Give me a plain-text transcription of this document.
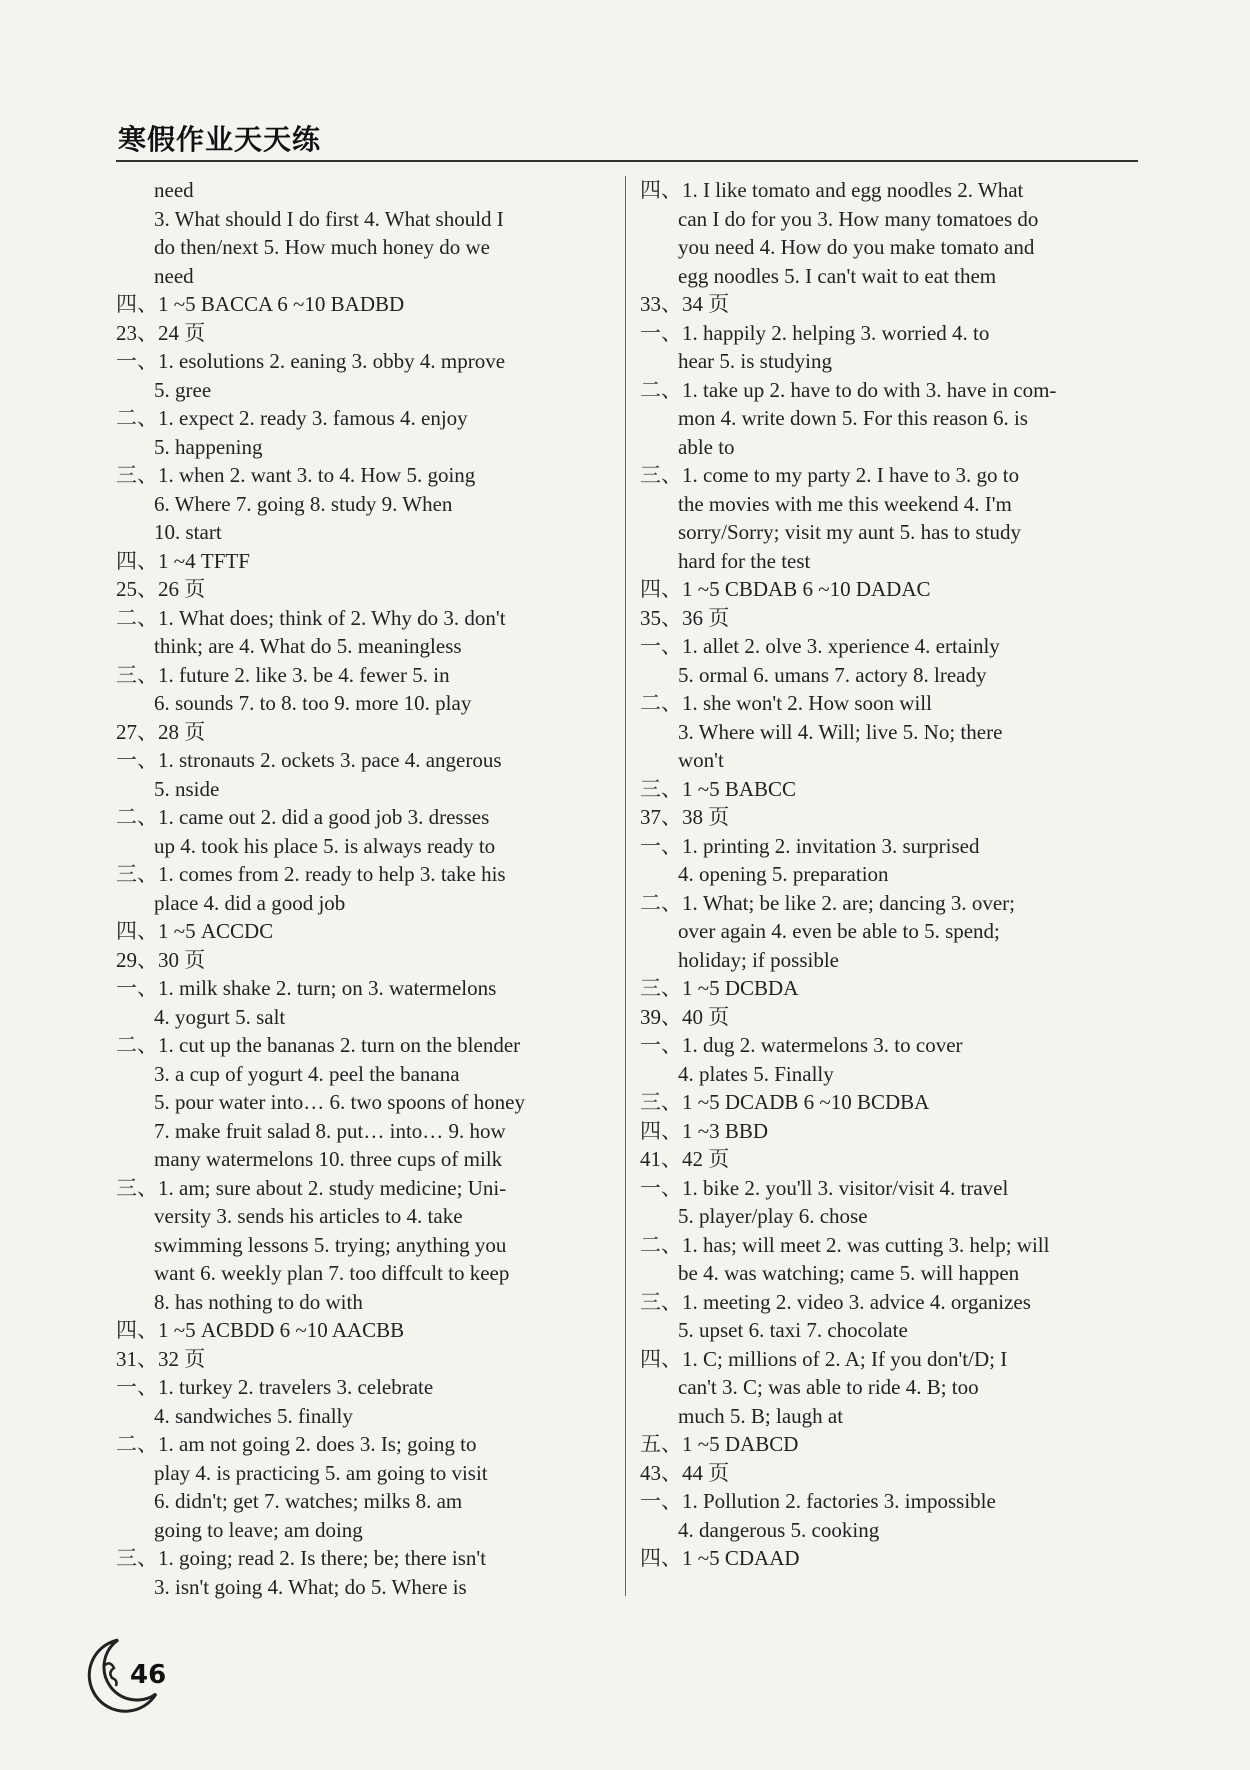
寒假作业天天练
need
3. What should I do first 4. What should I
do then/next 5. How much honey do we
need
四、1 ~5 BACCA 6 ~10 BADBD
23、24 页
一、1. esolutions 2. eaning 3. obby 4. mprove
5. gree
二、1. expect 2. ready 3. famous 4. enjoy
5. happening
三、1. when 2. want 3. to 4. How 5. going
6. Where 7. going 8. study 9. When
10. start
四、1 ~4 TFTF
25、26 页
二、1. What does; think of 2. Why do 3. don't
think; are 4. What do 5. meaningless
三、1. future 2. like 3. be 4. fewer 5. in
6. sounds 7. to 8. too 9. more 10. play
27、28 页
一、1. stronauts 2. ockets 3. pace 4. angerous
5. nside
二、1. came out 2. did a good job 3. dresses
up 4. took his place 5. is always ready to
三、1. comes from 2. ready to help 3. take his
place 4. did a good job
四、1 ~5 ACCDC
29、30 页
一、1. milk shake 2. turn; on 3. watermelons
4. yogurt 5. salt
二、1. cut up the bananas 2. turn on the blender
3. a cup of yogurt 4. peel the banana
5. pour water into… 6. two spoons of honey
7. make fruit salad 8. put… into… 9. how
many watermelons 10. three cups of milk
三、1. am; sure about 2. study medicine; Uni-
versity 3. sends his articles to 4. take
swimming lessons 5. trying; anything you
want 6. weekly plan 7. too diffcult to keep
8. has nothing to do with
四、1 ~5 ACBDD 6 ~10 AACBB
31、32 页
一、1. turkey 2. travelers 3. celebrate
4. sandwiches 5. finally
二、1. am not going 2. does 3. Is; going to
play 4. is practicing 5. am going to visit
6. didn't; get 7. watches; milks 8. am
going to leave; am doing
三、1. going; read 2. Is there; be; there isn't
3. isn't going 4. What; do 5. Where is
四、1. I like tomato and egg noodles 2. What
can I do for you 3. How many tomatoes do
you need 4. How do you make tomato and
egg noodles 5. I can't wait to eat them
33、34 页
一、1. happily 2. helping 3. worried 4. to
hear 5. is studying
二、1. take up 2. have to do with 3. have in com-
mon 4. write down 5. For this reason 6. is
able to
三、1. come to my party 2. I have to 3. go to
the movies with me this weekend 4. I'm
sorry/Sorry; visit my aunt 5. has to study
hard for the test
四、1 ~5 CBDAB 6 ~10 DADAC
35、36 页
一、1. allet 2. olve 3. xperience 4. ertainly
5. ormal 6. umans 7. actory 8. lready
二、1. she won't 2. How soon will
3. Where will 4. Will; live 5. No; there
won't
三、1 ~5 BABCC
37、38 页
一、1. printing 2. invitation 3. surprised
4. opening 5. preparation
二、1. What; be like 2. are; dancing 3. over;
over again 4. even be able to 5. spend;
holiday; if possible
三、1 ~5 DCBDA
39、40 页
一、1. dug 2. watermelons 3. to cover
4. plates 5. Finally
三、1 ~5 DCADB 6 ~10 BCDBA
四、1 ~3 BBD
41、42 页
一、1. bike 2. you'll 3. visitor/visit 4. travel
5. player/play 6. chose
二、1. has; will meet 2. was cutting 3. help; will
be 4. was watching; came 5. will happen
三、1. meeting 2. video 3. advice 4. organizes
5. upset 6. taxi 7. chocolate
四、1. C; millions of 2. A; If you don't/D; I
can't 3. C; was able to ride 4. B; too
much 5. B; laugh at
五、1 ~5 DABCD
43、44 页
一、1. Pollution 2. factories 3. impossible
4. dangerous 5. cooking
四、1 ~5 CDAAD
46
